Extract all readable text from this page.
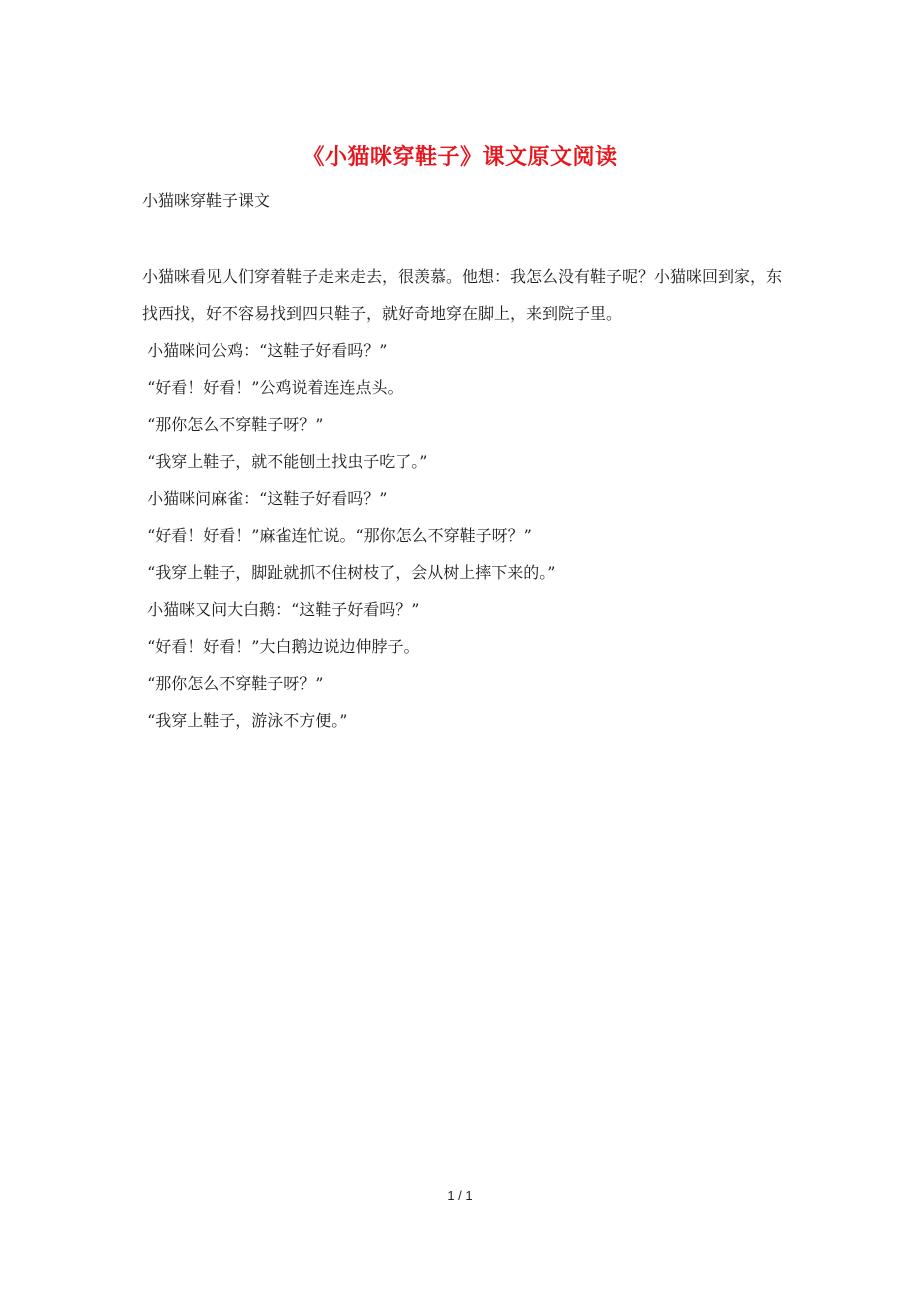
《小猫咪穿鞋子》课文原文阅读
小猫咪穿鞋子课文

小猫咪看见人们穿着鞋子走来走去，很羡慕。他想：我怎么没有鞋子呢？小猫咪回到家，东找西找，好不容易找到四只鞋子，就好奇地穿在脚上，来到院子里。

小猫咪问公鸡：“这鞋子好看吗？”

“好看！好看！”公鸡说着连连点头。

“那你怎么不穿鞋子呀？”

“我穿上鞋子，就不能刨土找虫子吃了。”

小猫咪问麻雀：“这鞋子好看吗？”

“好看！好看！”麻雀连忙说。“那你怎么不穿鞋子呀？”

“我穿上鞋子，脚趾就抓不住树枝了，会从树上摔下来的。”

小猫咪又问大白鹅：“这鞋子好看吗？”

“好看！好看！”大白鹅边说边伸脖子。

“那你怎么不穿鞋子呀？”

“我穿上鞋子，游泳不方便。”

1 / 1
